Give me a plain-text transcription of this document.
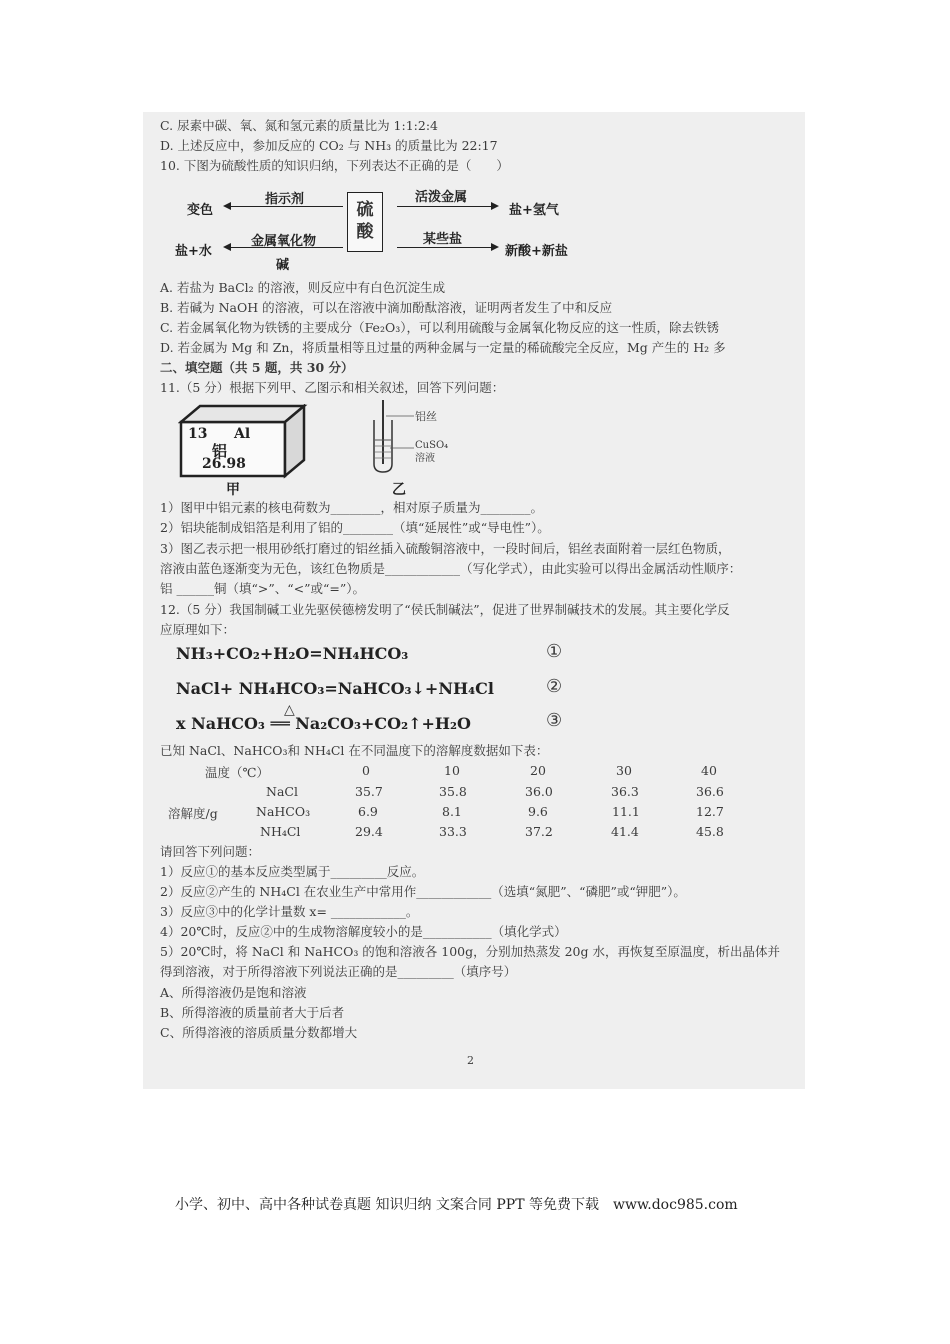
C. 尿素中碳、氧、氮和氢元素的质量比为 1:1:2:4
D. 上述反应中，参加反应的 CO₂ 与 NH₃ 的质量比为 22:17
10. 下图为硫酸性质的知识归纳，下列表达不正确的是（　　）
指示剂
变色
活泼金属
盐+氢气
硫
酸
金属氧化物
碱
盐+水
某些盐
新酸+新盐
A. 若盐为 BaCl₂ 的溶液，则反应中有白色沉淀生成
B. 若碱为 NaOH 的溶液，可以在溶液中滴加酚酞溶液，证明两者发生了中和反应
C. 若金属氧化物为铁锈的主要成分（Fe₂O₃），可以利用硫酸与金属氧化物反应的这一性质，除去铁锈
D. 若金属为 Mg 和 Zn，将质量相等且过量的两种金属与一定量的稀硫酸完全反应，Mg 产生的 H₂ 多
二、填空题（共 5 题，共 30 分）
11.（5 分）根据下列甲、乙图示和相关叙述，回答下列问题：
13 Al
铝
26.98
甲
铝丝
CuSO₄
溶液
乙
1）图甲中铝元素的核电荷数为________，相对原子质量为________。
2）铝块能制成铝箔是利用了铝的________（填“延展性”或“导电性”）。
3）图乙表示把一根用砂纸打磨过的铝丝插入硫酸铜溶液中，一段时间后，铝丝表面附着一层红色物质，
溶液由蓝色逐渐变为无色，该红色物质是____________（写化学式），由此实验可以得出金属活动性顺序：
铝 ______铜（填“>”、“<”或“=”）。
12.（5 分）我国制碱工业先驱侯德榜发明了“侯氏制碱法”，促进了世界制碱技术的发展。其主要化学反
应原理如下：
NH₃+CO₂+H₂O=NH₄HCO₃	①
NaCl+ NH₄HCO₃=NaHCO₃↓+NH₄Cl	②
△
x NaHCO₃ ══ Na₂CO₃+CO₂↑+H₂O	③
已知 NaCl、NaHCO₃和 NH₄Cl 在不同温度下的溶解度数据如下表：
温度（℃）	0	10	20	30	40
溶解度/g
NaCl	35.7	35.8	36.0	36.3	36.6
NaHCO₃	6.9	8.1	9.6	11.1	12.7
NH₄Cl	29.4	33.3	37.2	41.4	45.8
请回答下列问题：
1）反应①的基本反应类型属于_________反应。
2）反应②产生的 NH₄Cl 在农业生产中常用作____________（选填“氮肥”、“磷肥”或“钾肥”）。
3）反应③中的化学计量数 x= ____________。
4）20℃时，反应②中的生成物溶解度较小的是___________（填化学式）
5）20℃时，将 NaCl 和 NaHCO₃ 的饱和溶液各 100g，分别加热蒸发 20g 水，再恢复至原温度，析出晶体并
得到溶液，对于所得溶液下列说法正确的是_________（填序号）
A、所得溶液仍是饱和溶液
B、所得溶液的质量前者大于后者
C、所得溶液的溶质质量分数都增大
2
小学、初中、高中各种试卷真题 知识归纳 文案合同 PPT 等免费下载　www.doc985.com
